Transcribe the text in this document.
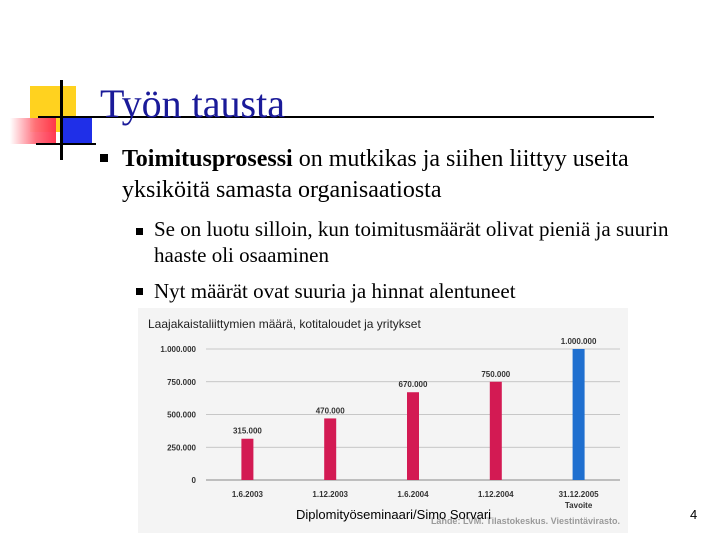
Työn tausta
Toimitusprosessi on mutkikas ja siihen liittyy useita yksiköitä samasta organisaatiosta
Se on luotu silloin, kun toimitusmäärät olivat pieniä ja suurin haaste oli osaaminen
Nyt määrät ovat suuria ja hinnat alentuneet
Laajakaistaliittymien määrä, kotitaloudet ja yritykset
0
250.000
500.000
750.000
1.000.000
315.000
1.6.2003
470.000
1.12.2003
670.000
1.6.2004
750.000
1.12.2004
1.000.000
31.12.2005
Tavoite
Lähde: LVM. Tilastokeskus. Viestintävirasto.
Diplomityöseminaari/Simo Sorvari	4
